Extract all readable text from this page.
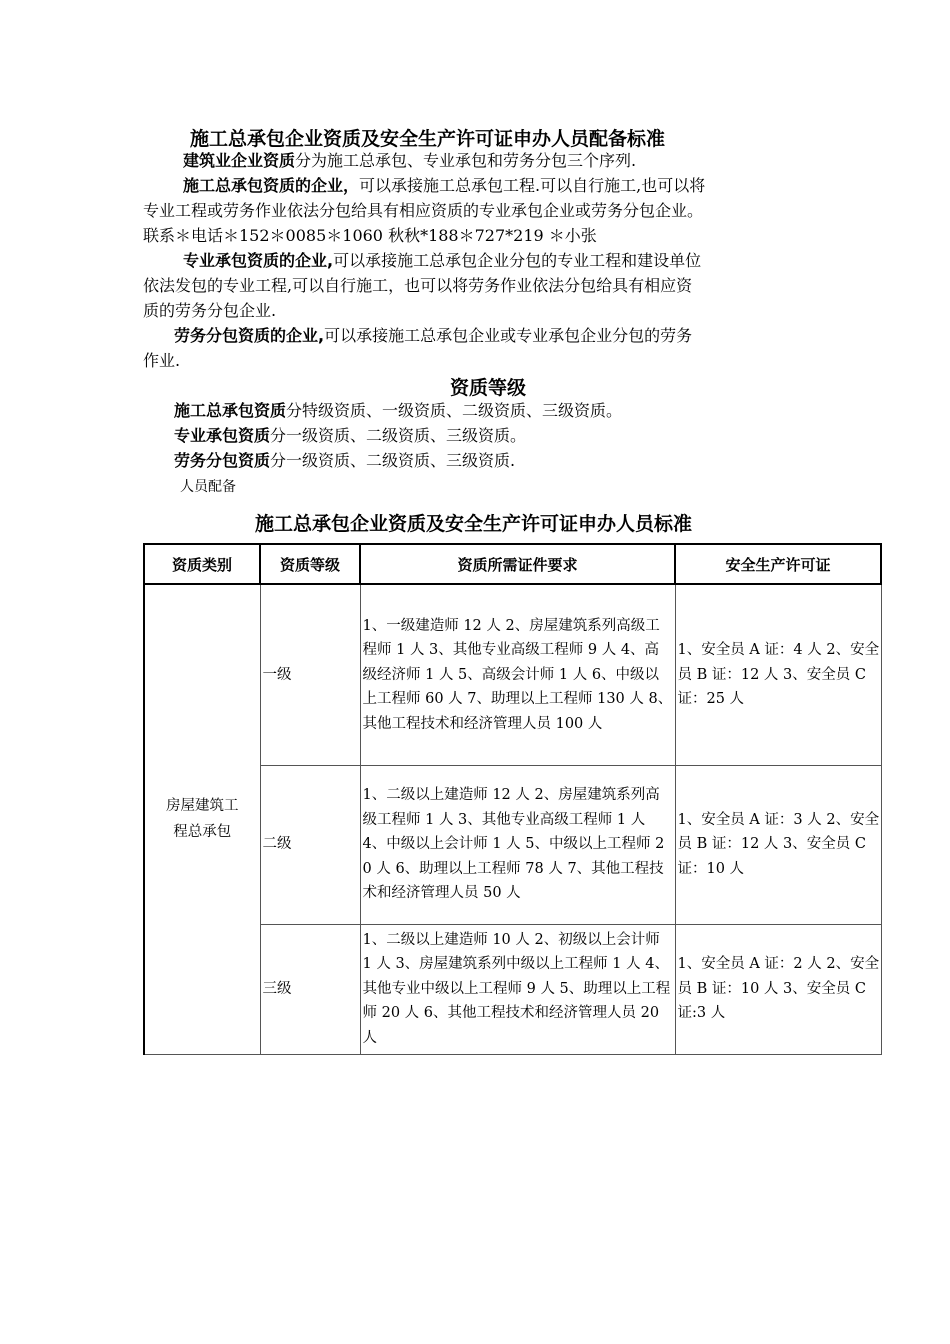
施工总承包企业资质及安全生产许可证申办人员配备标准
建筑业企业资质分为施工总承包、专业承包和劳务分包三个序列.
施工总承包资质的企业，可以承接施工总承包工程.可以自行施工,也可以将
专业工程或劳务作业依法分包给具有相应资质的专业承包企业或劳务分包企业。
联系＊电话＊152＊0085＊1060 秋秋*188＊727*219 ＊小张
专业承包资质的企业,可以承接施工总承包企业分包的专业工程和建设单位
依法发包的专业工程,可以自行施工，也可以将劳务作业依法分包给具有相应资
质的劳务分包企业.
劳务分包资质的企业,可以承接施工总承包企业或专业承包企业分包的劳务
作业.
资质等级
施工总承包资质分特级资质、一级资质、二级资质、三级资质。
专业承包资质分一级资质、二级资质、三级资质。
劳务分包资质分一级资质、二级资质、三级资质.
人员配备
施工总承包企业资质及安全生产许可证申办人员标准
资质类别	资质等级	资质所需证件要求	安全生产许可证

房屋建筑工程总承包	一级	1、一级建造师 12 人 2、房屋建筑系列高级工程师 1 人 3、其他专业高级工程师 9 人 4、高级经济师 1 人 5、高级会计师 1 人 6、中级以上工程师 60 人 7、助理以上工程师 130 人 8、其他工程技术和经济管理人员 100 人	1、安全员 A 证：4 人 2、安全员 B 证：12 人 3、安全员 C 证：25 人

	二级	1、二级以上建造师 12 人 2、房屋建筑系列高级工程师 1 人 3、其他专业高级工程师 1 人 4、中级以上会计师 1 人 5、中级以上工程师 20 人 6、助理以上工程师 78 人 7、其他工程技术和经济管理人员 50 人	1、安全员 A 证：3 人 2、安全员 B 证：12 人 3、安全员 C 证：10 人

	三级	1、二级以上建造师 10 人 2、初级以上会计师 1 人 3、房屋建筑系列中级以上工程师 1 人 4、其他专业中级以上工程师 9 人 5、助理以上工程师 20 人 6、其他工程技术和经济管理人员 20 人	1、安全员 A 证：2 人 2、安全员 B 证：10 人 3、安全员 C 证:3 人
